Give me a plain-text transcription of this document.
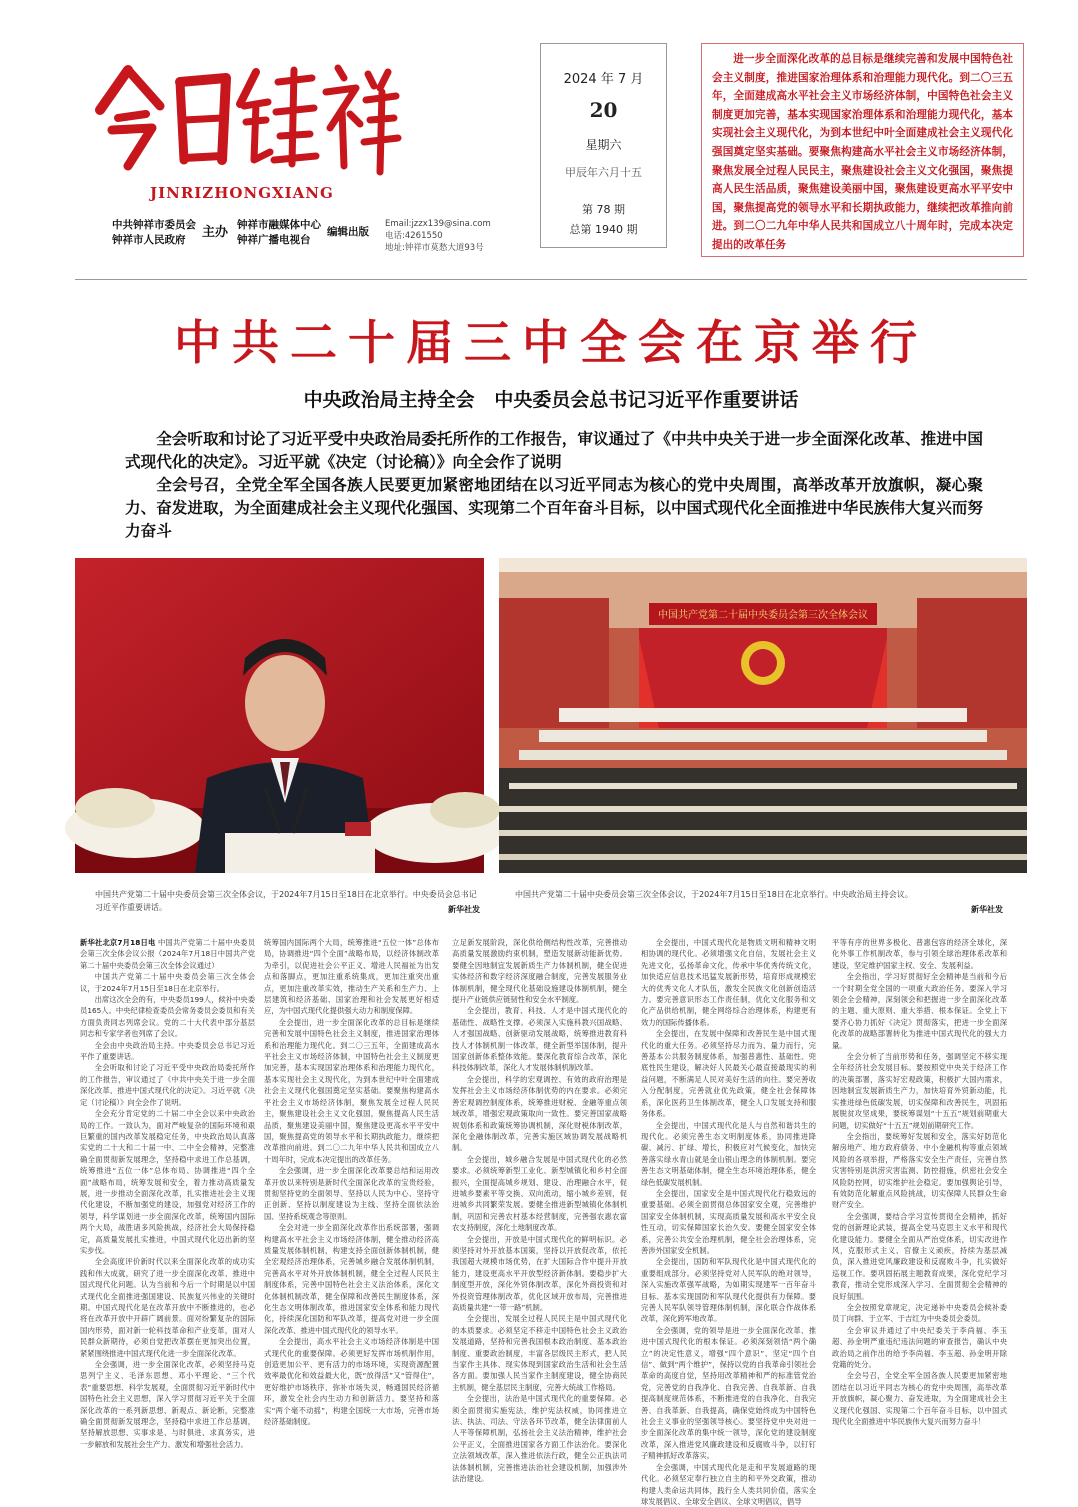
JINRIZHONGXIANG
中共钟祥市委员会
钟祥市人民政府 主办 钟祥市融媒体中心
钟祥广播电视台
编辑出版
Email:jzzx139@sina.com
电话:4261550
地址:钟祥市莫愁大道93号
2024 年 7 月
20
星期六
甲辰年六月十五
第 78 期
总第 1940 期

进一步全面深化改革的总目标是继续完善和发展中国特色社会主义制度，推进国家治理体系和治理能力现代化。到二〇三五年，全面建成高水平社会主义市场经济体制，中国特色社会主义制度更加完善，基本实现国家治理体系和治理能力现代化，基本实现社会主义现代化，为到本世纪中叶全面建成社会主义现代化强国奠定坚实基础。要聚焦构建高水平社会主义市场经济体制，聚焦发展全过程人民民主，聚焦建设社会主义文化强国，聚焦提高人民生活品质，聚焦建设美丽中国，聚焦建设更高水平平安中国，聚焦提高党的领导水平和长期执政能力，继续把改革推向前进。到二〇二九年中华人民共和国成立八十周年时，完成本决定提出的改革任务

中共二十届三中全会在京举行
中央政治局主持全会   中央委员会总书记习近平作重要讲话

全会听取和讨论了习近平受中央政治局委托所作的工作报告，审议通过了《中共中央关于进一步全面深化改革、推进中国式现代化的决定》。习近平就《决定（讨论稿）》向全会作了说明

全会号召，全党全军全国各族人民要更加紧密地团结在以习近平同志为核心的党中央周围，高举改革开放旗帜，凝心聚力、奋发进取，为全面建成社会主义现代化强国、实现第二个百年奋斗目标，以中国式现代化全面推进中华民族伟大复兴而努力奋斗

中国共产党第二十届中央委员会第三次全体会议，于2024年7月15日至18日在北京举行。中央委员会总书记习近平作重要讲话。	新华社发
中国共产党第二十届中央委员会第三次全体会议
中国共产党第二十届中央委员会第三次全体会议，于2024年7月15日至18日在北京举行。中央政治局主持会议。
新华社发

新华社北京7月18日电 中国共产党第二十届中央委员会第三次全体会议公报（2024年7月18日中国共产党第二十届中央委员会第三次全体会议通过）

中国共产党第二十届中央委员会第三次全体会议，于2024年7月15日至18日在北京举行。

出席这次全会的有，中央委员199人，候补中央委员165人。中央纪律检查委员会常务委员会委员和有关方面负责同志列席会议。党的二十大代表中部分基层同志和专家学者也列席了会议。

全会由中央政治局主持。中央委员会总书记习近平作了重要讲话。

全会听取和讨论了习近平受中央政治局委托所作的工作报告，审议通过了《中共中央关于进一步全面深化改革、推进中国式现代化的决定》。习近平就《决定（讨论稿）》向全会作了说明。

全会充分肯定党的二十届二中全会以来中央政治局的工作。一致认为，面对严峻复杂的国际环境和艰巨繁重的国内改革发展稳定任务，中央政治局认真落实党的二十大和二十届一中、二中全会精神，完整准确全面贯彻新发展理念，坚持稳中求进工作总基调，统筹推进“五位一体”总体布局、协调推进“四个全面”战略布局，统筹发展和安全，着力推动高质量发展，进一步推动全面深化改革，扎实推进社会主义现代化建设，不断加强党的建设，加强党对经济工作的领导，科学谋划进一步全面深化改革，统筹国内国际两个大局，战胜诸多风险挑战，经济社会大局保持稳定，高质量发展扎实推进，中国式现代化迈出新的坚实步伐。

全会高度评价新时代以来全面深化改革的成功实践和伟大成就，研究了进一步全面深化改革、推进中国式现代化问题。认为当前和今后一个时期是以中国式现代化全面推进强国建设、民族复兴伟业的关键时期。中国式现代化是在改革开放中不断推进的，也必将在改革开放中开辟广阔前景。面对纷繁复杂的国际国内形势，面对新一轮科技革命和产业变革，面对人民群众新期待，必须自觉把改革摆在更加突出位置，紧紧围绕推进中国式现代化进一步全面深化改革。

全会强调，进一步全面深化改革，必须坚持马克思列宁主义、毛泽东思想、邓小平理论、“三个代表”重要思想、科学发展观，全面贯彻习近平新时代中国特色社会主义思想，深入学习贯彻习近平关于全面深化改革的一系列新思想、新观点、新论断，完整准确全面贯彻新发展理念，坚持稳中求进工作总基调，坚持解放思想、实事求是、与时俱进、求真务实，进一步解放和发展社会生产力、激发和增强社会活力。

统筹国内国际两个大局，统筹推进“五位一体”总体布局，协调推进“四个全面”战略布局，以经济体制改革为牵引，以促进社会公平正义、增进人民福祉为出发点和落脚点，更加注重系统集成，更加注重突出重点，更加注重改革实效，推动生产关系和生产力、上层建筑和经济基础、国家治理和社会发展更好相适应，为中国式现代化提供强大动力和制度保障。

全会提出，进一步全面深化改革的总目标是继续完善和发展中国特色社会主义制度，推进国家治理体系和治理能力现代化。到二〇三五年，全面建成高水平社会主义市场经济体制，中国特色社会主义制度更加完善，基本实现国家治理体系和治理能力现代化，基本实现社会主义现代化，为到本世纪中叶全面建成社会主义现代化强国奠定坚实基础。要聚焦构建高水平社会主义市场经济体制，聚焦发展全过程人民民主，聚焦建设社会主义文化强国，聚焦提高人民生活品质，聚焦建设美丽中国，聚焦建设更高水平平安中国，聚焦提高党的领导水平和长期执政能力，继续把改革推向前进。到二〇二九年中华人民共和国成立八十周年时，完成本决定提出的改革任务。

全会强调，进一步全面深化改革要总结和运用改革开放以来特别是新时代全面深化改革的宝贵经验，贯彻坚持党的全面领导、坚持以人民为中心、坚持守正创新、坚持以制度建设为主线、坚持全面依法治国、坚持系统观念等原则。

全会对进一步全面深化改革作出系统部署，强调构建高水平社会主义市场经济体制，健全推动经济高质量发展体制机制，构建支持全面创新体制机制，健全宏观经济治理体系，完善城乡融合发展体制机制，完善高水平对外开放体制机制，健全全过程人民民主制度体系，完善中国特色社会主义法治体系，深化文化体制机制改革，健全保障和改善民生制度体系，深化生态文明体制改革，推进国家安全体系和能力现代化，持续深化国防和军队改革，提高党对进一步全面深化改革、推进中国式现代化的领导水平。

全会提出，高水平社会主义市场经济体制是中国式现代化的重要保障。必须更好发挥市场机制作用，创造更加公平、更有活力的市场环境，实现资源配置效率最优化和效益最大化，既“放得活”又“管得住”，更好维护市场秩序、弥补市场失灵，畅通国民经济循环，激发全社会内生动力和创新活力。要坚持和落实“两个毫不动摇”，构建全国统一大市场，完善市场经济基础制度。

立足新发展阶段，深化供给侧结构性改革，完善推动高质量发展激励约束机制，塑造发展新动能新优势。要健全因地制宜发展新质生产力体制机制，健全促进实体经济和数字经济深度融合制度，完善发展服务业体制机制，健全现代化基础设施建设体制机制，健全提升产业链供应链韧性和安全水平制度。

全会提出，教育、科技、人才是中国式现代化的基础性、战略性支撑。必须深入实施科教兴国战略、人才强国战略、创新驱动发展战略，统筹推进教育科技人才体制机制一体改革，健全新型举国体制，提升国家创新体系整体效能。要深化教育综合改革，深化科技体制改革，深化人才发展体制机制改革。

全会提出，科学的宏观调控、有效的政府治理是发挥社会主义市场经济体制优势的内在要求。必须完善宏观调控制度体系，统筹推进财税、金融等重点领域改革，增强宏观政策取向一致性。要完善国家战略规划体系和政策统筹协调机制，深化财税体制改革，深化金融体制改革，完善实施区域协调发展战略机制。

全会提出，城乡融合发展是中国式现代化的必然要求。必须统筹新型工业化、新型城镇化和乡村全面振兴，全面提高城乡规划、建设、治理融合水平，促进城乡要素平等交换、双向流动，缩小城乡差别，促进城乡共同繁荣发展。要健全推进新型城镇化体制机制，巩固和完善农村基本经营制度，完善强农惠农富农支持制度，深化土地制度改革。

全会提出，开放是中国式现代化的鲜明标识。必须坚持对外开放基本国策，坚持以开放促改革，依托我国超大规模市场优势，在扩大国际合作中提升开放能力，建设更高水平开放型经济新体制。要稳步扩大制度型开放，深化外贸体制改革，深化外商投资和对外投资管理体制改革，优化区域开放布局，完善推进高质量共建“一带一路”机制。

全会提出，发展全过程人民民主是中国式现代化的本质要求。必须坚定不移走中国特色社会主义政治发展道路，坚持和完善我国根本政治制度、基本政治制度、重要政治制度，丰富各层级民主形式，把人民当家作主具体、现实体现到国家政治生活和社会生活各方面。要加强人民当家作主制度建设，健全协商民主机制，健全基层民主制度，完善大统战工作格局。

全会提出，法治是中国式现代化的重要保障。必须全面贯彻实施宪法，维护宪法权威，协同推进立法、执法、司法、守法各环节改革，健全法律面前人人平等保障机制，弘扬社会主义法治精神，维护社会公平正义，全面推进国家各方面工作法治化。要深化立法领域改革，深入推进依法行政，健全公正执法司法体制机制，完善推进法治社会建设机制，加强涉外法治建设。

全会提出，中国式现代化是物质文明和精神文明相协调的现代化。必须增强文化自信，发展社会主义先进文化，弘扬革命文化，传承中华优秀传统文化，加快适应信息技术迅猛发展新形势，培育形成规模宏大的优秀文化人才队伍，激发全民族文化创新创造活力。要完善意识形态工作责任制，优化文化服务和文化产品供给机制，健全网络综合治理体系，构建更有效力的国际传播体系。

全会提出，在发展中保障和改善民生是中国式现代化的重大任务。必须坚持尽力而为、量力而行，完善基本公共服务制度体系，加强普惠性、基础性、兜底性民生建设，解决好人民最关心最直接最现实的利益问题，不断满足人民对美好生活的向往。要完善收入分配制度，完善就业优先政策，健全社会保障体系，深化医药卫生体制改革，健全人口发展支持和服务体系。

全会提出，中国式现代化是人与自然和谐共生的现代化。必须完善生态文明制度体系，协同推进降碳、减污、扩绿、增长，积极应对气候变化，加快完善落实绿水青山就是金山银山理念的体制机制。要完善生态文明基础体制，健全生态环境治理体系，健全绿色低碳发展机制。

全会提出，国家安全是中国式现代化行稳致远的重要基础。必须全面贯彻总体国家安全观，完善维护国家安全体制机制，实现高质量发展和高水平安全良性互动，切实保障国家长治久安。要健全国家安全体系，完善公共安全治理机制，健全社会治理体系，完善涉外国家安全机制。

全会提出，国防和军队现代化是中国式现代化的重要组成部分。必须坚持党对人民军队的绝对领导，深入实施改革强军战略，为如期实现建军一百年奋斗目标、基本实现国防和军队现代化提供有力保障。要完善人民军队领导管理体制机制，深化联合作战体系改革，深化跨军地改革。

全会强调，党的领导是进一步全面深化改革、推进中国式现代化的根本保证。必须深刻领悟“两个确立”的决定性意义，增强“四个意识”、坚定“四个自信”、做到“两个维护”，保持以党的自我革命引领社会革命的高度自觉，坚持用改革精神和严的标准管党治党，完善党的自我净化、自我完善、自我革新、自我提高制度规范体系，不断推进党的自我净化、自我完善、自我革新、自我提高，确保党始终成为中国特色社会主义事业的坚强领导核心。要坚持党中央对进一步全面深化改革的集中统一领导，深化党的建设制度改革，深入推进党风廉政建设和反腐败斗争，以钉钉子精神抓好改革落实。

全会强调，中国式现代化是走和平发展道路的现代化。必须坚定奉行独立自主的和平外交政策，推动构建人类命运共同体，践行全人类共同价值，落实全球发展倡议、全球安全倡议、全球文明倡议，倡导

平等有序的世界多极化、普惠包容的经济全球化，深化外事工作机制改革，参与引领全球治理体系改革和建设，坚定维护国家主权、安全、发展利益。

全会指出，学习好贯彻好全会精神是当前和今后一个时期全党全国的一项重大政治任务。要深入学习领会全会精神，深刻领会和把握进一步全面深化改革的主题、重大原则、重大举措、根本保证。全党上下要齐心协力抓好《决定》贯彻落实，把进一步全面深化改革的战略部署转化为推进中国式现代化的强大力量。

全会分析了当前形势和任务，强调坚定不移实现全年经济社会发展目标。要按照党中央关于经济工作的决策部署，落实好宏观政策，积极扩大国内需求，因地制宜发展新质生产力，加快培育外贸新动能，扎实推进绿色低碳发展，切实保障和改善民生，巩固拓展脱贫攻坚成果，要统筹谋划“十五五”规划前期重大问题，切实做好“十五五”规划前期研究工作。

全会指出，要统筹好发展和安全，落实好防范化解房地产、地方政府债务、中小金融机构等重点领域风险的各项举措，严格落实安全生产责任，完善自然灾害特别是洪涝灾害监测、防控措施，织密社会安全风险防控网，切实维护社会稳定。要加强舆论引导，有效防范化解重点风险挑战，切实保障人民群众生命财产安全。

全会强调，要结合学习宣传贯彻全会精神，抓好党的创新理论武装，提高全党马克思主义水平和现代化建设能力。要健全全面从严治党体系，切实改进作风，克服形式主义、官僚主义顽疾，持续为基层减负，深入推进党风廉政建设和反腐败斗争，扎实做好巡视工作。要巩固拓展主题教育成果，深化党纪学习教育，推动全党形成深入学习、全面贯彻全会精神的良好氛围。

全会按照党章规定，决定递补中央委员会候补委员丁向群、于立军、于吉红为中央委员会委员。

全会审议并通过了中央纪委关于李尚福、李玉超、孙金明严重违纪违法问题的审查报告，确认中央政治局之前作出的给予李尚福、李玉超、孙金明开除党籍的处分。

全会号召，全党全军全国各族人民要更加紧密地团结在以习近平同志为核心的党中央周围，高举改革开放旗帜，凝心聚力、奋发进取，为全面建成社会主义现代化强国、实现第二个百年奋斗目标，以中国式现代化全面推进中华民族伟大复兴而努力奋斗！
